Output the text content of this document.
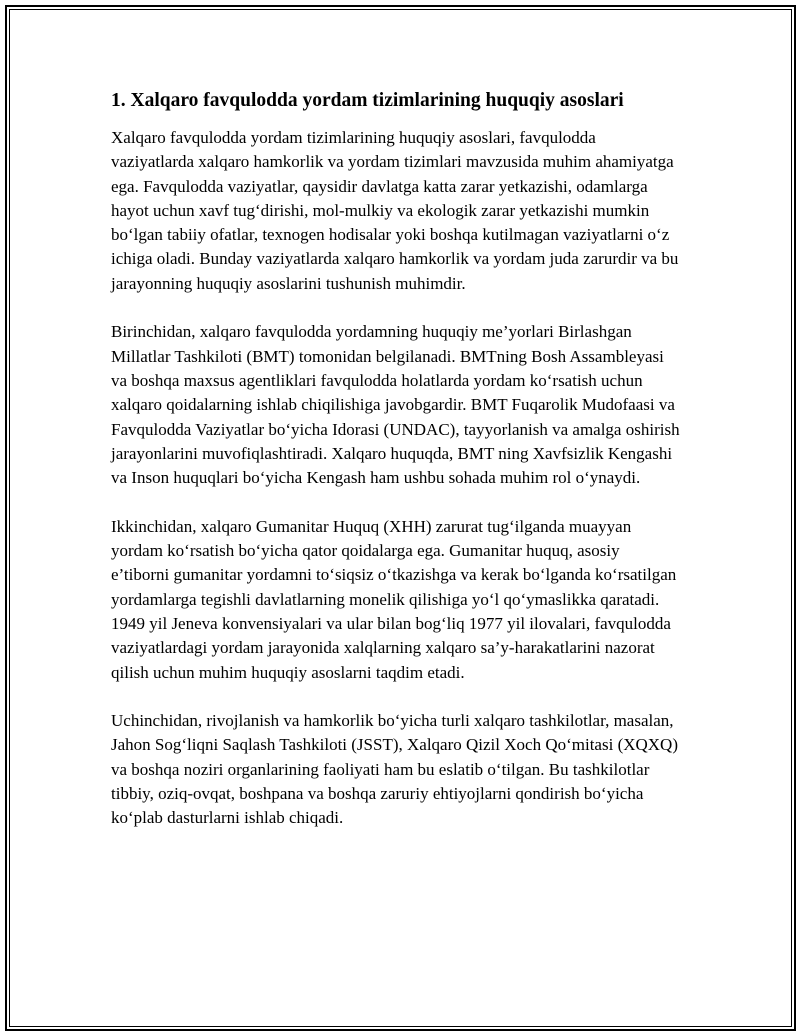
1. Xalqaro favqulodda yordam tizimlarining huquqiy asoslari

Xalqaro favqulodda yordam tizimlarining huquqiy asoslari, favqulodda vaziyatlarda xalqaro hamkorlik va yordam tizimlari mavzusida muhim ahamiyatga ega. Favqulodda vaziyatlar, qaysidir davlatga katta zarar yetkazishi, odamlarga hayot uchun xavf tug‘dirishi, mol-mulkiy va ekologik zarar yetkazishi mumkin bo‘lgan tabiiy ofatlar, texnogen hodisalar yoki boshqa kutilmagan vaziyatlarni o‘z ichiga oladi. Bunday vaziyatlarda xalqaro hamkorlik va yordam juda zarurdir va bu jarayonning huquqiy asoslarini tushunish muhimdir.

Birinchidan, xalqaro favqulodda yordamning huquqiy me’yorlari Birlashgan Millatlar Tashkiloti (BMT) tomonidan belgilanadi. BMTning Bosh Assambleyasi va boshqa maxsus agentliklari favqulodda holatlarda yordam ko‘rsatish uchun xalqaro qoidalarning ishlab chiqilishiga javobgardir. BMT Fuqarolik Mudofaasi va Favqulodda Vaziyatlar bo‘yicha Idorasi (UNDAC), tayyorlanish va amalga oshirish jarayonlarini muvofiqlashtiradi. Xalqaro huquqda, BMT ning Xavfsizlik Kengashi va Inson huquqlari bo‘yicha Kengash ham ushbu sohada muhim rol o‘ynaydi.

Ikkinchidan, xalqaro Gumanitar Huquq (XHH) zarurat tug‘ilganda muayyan yordam ko‘rsatish bo‘yicha qator qoidalarga ega. Gumanitar huquq, asosiy e’tiborni gumanitar yordamni to‘siqsiz o‘tkazishga va kerak bo‘lganda ko‘rsatilgan yordamlarga tegishli davlatlarning monelik qilishiga yo‘l qo‘ymaslikka qaratadi. 1949 yil Jeneva konvensiyalari va ular bilan bog‘liq 1977 yil ilovalari, favqulodda vaziyatlardagi yordam jarayonida xalqlarning xalqaro sa’y-harakatlarini nazorat qilish uchun muhim huquqiy asoslarni taqdim etadi.

Uchinchidan, rivojlanish va hamkorlik bo‘yicha turli xalqaro tashkilotlar, masalan, Jahon Sog‘liqni Saqlash Tashkiloti (JSST), Xalqaro Qizil Xoch Qo‘mitasi (XQXQ) va boshqa noziri organlarining faoliyati ham bu eslatib o‘tilgan. Bu tashkilotlar tibbiy, oziq-ovqat, boshpana va boshqa zaruriy ehtiyojlarni qondirish bo‘yicha ko‘plab dasturlarni ishlab chiqadi.
